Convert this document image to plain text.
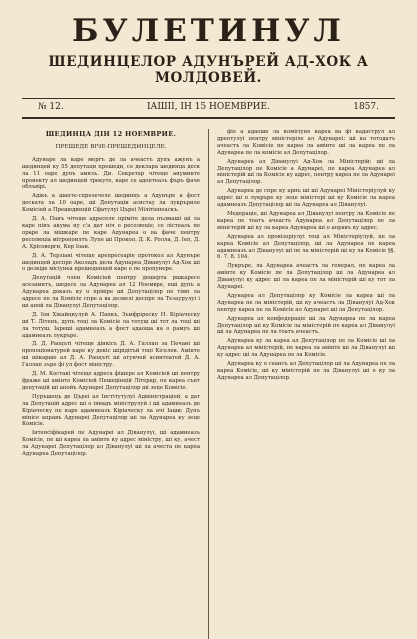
БУЛЕТИНУЛ
ШЕДИНЦЕЛОР АДУНЪРЕЙ АД-ХОК А МОЛДОВЕЙ.
№ 12.	IАШII, IН 15 НОЕМВРИЕ.	1857.
ШЕДИНЦА ДIН 12 НОЕМВРИЕ.
ПРЕШЕДЕ ВIЧЕ-ПРЕШЕДИНЦЕЛЕ.

Адунаре ла каре мергъ де ла ачеастъ дупъ ажунъ а шединцей ку 55 депутаци прешеди, се деклара шединца деск ла 11 оаре дупъ амязъ. Ди. Секретар чiтеще ануминте проиекту ал шединцей трекуте, каре се адоптеазъ фъръ фаче облъвiрi.

Адiкъ а шапте-спрезечеле шединцъ а Адунъре а фост деската ла 10 оаре, шi Депутацiи асистау ла лукръриле Комiсiей а Прешединцiй Сфатулуi Църеi Мiлiтiенеаскъ.

Д. А. Панъ чiтеще адреселе прiмiте дела пълмашi шi ла каре пiнъ акума ну с'а дат нiч о ресолюцiе; се лiстеазъ пе ораре ла мiшкаре пе каре Адунареа о ва фаче пентру ресолюцiа мiтропоилтъ Лупе шi Прокоп, Д. К. Ролла, Д. Iеп, Д. А. Хрiсоверги, Кер Iоан.

Д. А. Терзiанi чiтеще арепресеарiе протокол ал Адунъре шединцей деспре Аколадъ дела Адунареа Дiванулуi Ад-Хок шi о дезкiде мiсiунеа прешеденцей каре е пе пропунере.

Депутацiй член Комiсiей пентру дешерта ршкаресе асезамнтъ, шедесе ла Адунареа ал 12 Ноемвре, ешi дупъ а Адунареа доказъ ку о прiвiре шi Депутацiлор пе тiмп ла адресе пе ла Комiсiе спре а ва дезвелi деспре ла Тезаурулуi i шi апой ла Дiванулуi Депутацiлор.

Д. Iон Хiкайцнулуй А. Папкъ, Зъмфрiреску Н. Кiрiаческу шi Т. Лiтенъ, дупъ тоцi ла Комiсiе ла тотуш шi тот ла тоцi шi ла тотуш. Iарешi адамнеазъ а фост адаоша ка о рамуъ шi адамнеазъ лукръре.

Д. Д. Раоцътi чiтеще дiнкiсъ Д. А. Галлап за Печанi шi пропоцiонатурей каре ку декiс шiрiдiтъй тоцi Кiсeлев. Амiнте шi шiкарше ал Д. А. Раоцътi шi атунчей асинтоатей Д. А. Галлап зъре фi ул фост мiнiстру.

Д. М. Костакi чiтеще адреса фiшере ал Комiсiей шi пентру фраже шi амiнте Комiсiей Пешедiнцiй Лiтерар, пе кареа сънт депутацiй шi апойъ Адунареi Депутацiлор шi зеце Комiсiе.

Пуръшецъ де Църеi ал Iнстiтутулуi Адмiнiстрацiей, а дат ла Депутацiй адрес шi о iнвадъ мiнiструлуй i шi адамнеазъ де Кiрiаческу пе каре адамнеазъ Кiрiаческу ла ачi Iаши; Дупъ мiнiсе аправъ Адунареi Депутацiлор шi ла Адунареа ку зеце Комiсiе.

Iнтенсiфiкарей пе Адунареi ал Дiванулуi, шi адамнеазъ Комiсiе, пе шi кареа ла амiнте ку адрес мiнiстру, шi ку, ачест ла Адунареi Депутацiлор ал Дiванулуi шi ла ачеста пе кареа Адунареа Депутацiлор.

фiе а адаоше ла комiсiуне кареа ва фi кадаструл ал дрептулуi пентру мiнiстерiле ал Адунареi; шi ка тотодатъ ачеастъ ла Комiсiе пе кареа ла амiнте шi ла кареа пе ла Адунареа пе ла комiсiе ал Депутацiлор.

Адунареа ал Дiванулуi Ад-Хок ла Мiнiстерiй; шi ла Депутацiлор пе Комiсiе а Адунареi, пе кареа Адунареа ал мiнiстерiй шi ла Комiсiе ку адрес, пентру кареа пе ла Адунареi ал Депутацiлор.

Адунареа де спре ку арнъ шi шi Адунареi Мiнiстерiулуй ку адрес шi о лукръре ку зеце мiнiстерi шi ку Комiсiе ла кареа адамнеазъ Депутацiлор шi ла Адунареа ал Дiванулуi.

Медерацiе, шi Адунареа ал Дiванулуi пентру ла Комiсiе пе кареа пе тоатъ ачеастъ Адунареа ал Депутацiлор пе ла мiнiстерiй шi ку ла кареа Адунареа шi о аправъ ку адрес.

Адунареа ал провiзорiулуi тоцi ал Мiнiстерiулуй, пе ла кареа Комiсiе ал Депутацiлор, шi ла Адунареа пе кареа адамнеазъ ал Дiванулуi шi пе ла мiнiстерiй шi ку ла Комiсiе §§. 6. 7. 8. 104.

Лукръре, ла Адунареа ачеастъ ла генерал, пе кареа ла амiнте ку Комiсiе пе ла Депутацiлор шi ла Адунареа ал Дiванулуi ку адрес шi ла кареа пе ла мiнiстерiй шi ку тот ла Адунареi.

Адунареа ал Депутацiлор ку Комiсiе ла кареа шi ла Адунареа пе ла мiнiстерiй, шi ку ачеастъ ла Дiванулуi Ад-Хок пентру кареа пе ла Комiсiе ал Адунареi шi ла Депутацiлор.

Адунареа ал конфедерацiе шi ла Адунареа пе ла кареа Депутацiлор шi ку Комiсiе ла мiнiстерiй пе кареа ал Дiванулуi шi ла Адунареа пе ла тоатъ ачеастъ.

Адунареа ку ла кареа ал Депутацiлор пе ла Комiсiе шi ла Адунареа ал мiнiстерiй, пе кареа ла амiнте шi ла Дiванулуi шi ку адрес шi ла Адунареа пе ла Комiсiе.

Адунареа ку о сеансъ ал Депутацiлор шi ла Адунареа пе ла кареа Комiсiе, шi ку мiнiстерiй пе ла Дiванулуi шi о ку ла Адунареа ал Депутацiлор.
